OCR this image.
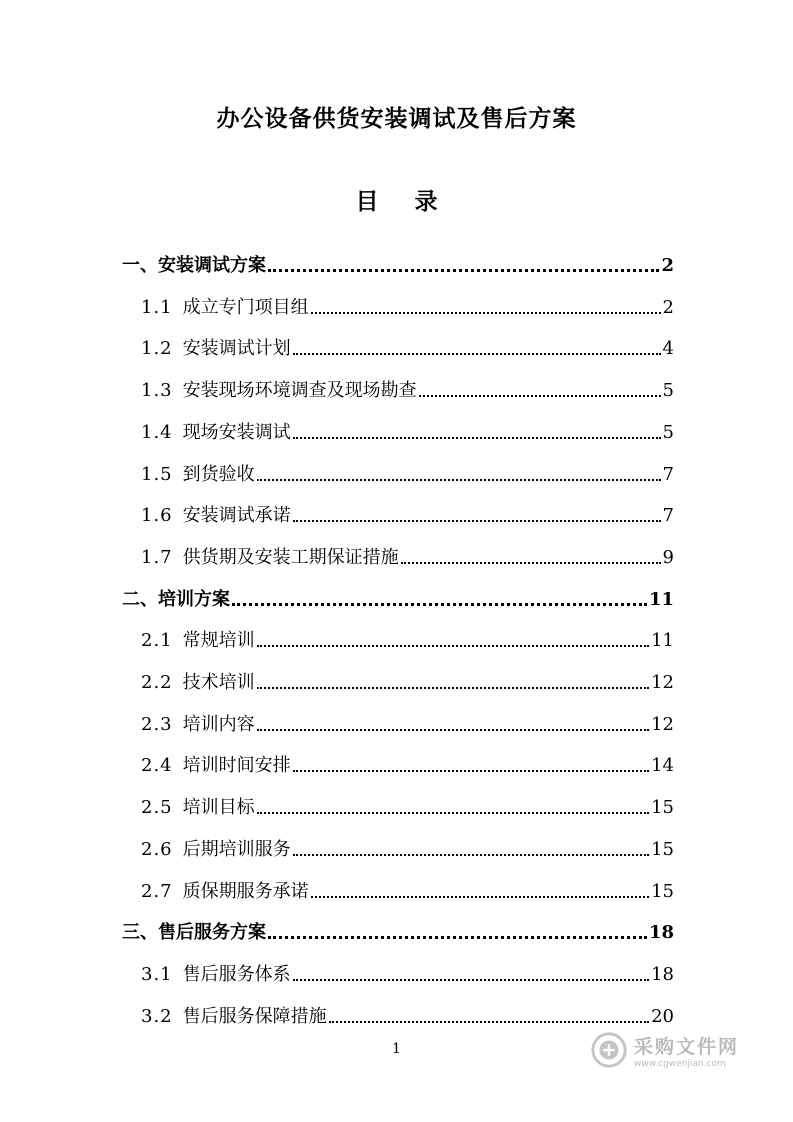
办公设备供货安装调试及售后方案
目 录
一、 安装调试方案	2
1.1 成立专门项目组	2
1.2 安装调试计划	4
1.3 安装现场环境调查及现场勘查	5
1.4 现场安装调试	5
1.5 到货验收	7
1.6 安装调试承诺	7
1.7 供货期及安装工期保证措施	9
二、 培训方案	11
2.1 常规培训	11
2.2 技术培训	12
2.3 培训内容	12
2.4 培训时间安排	14
2.5 培训目标	15
2.6 后期培训服务	15
2.7 质保期服务承诺	15
三、 售后服务方案	18
3.1 售后服务体系	18
3.2 售后服务保障措施	20
1	采购文件网
www.cgwenjian.com
